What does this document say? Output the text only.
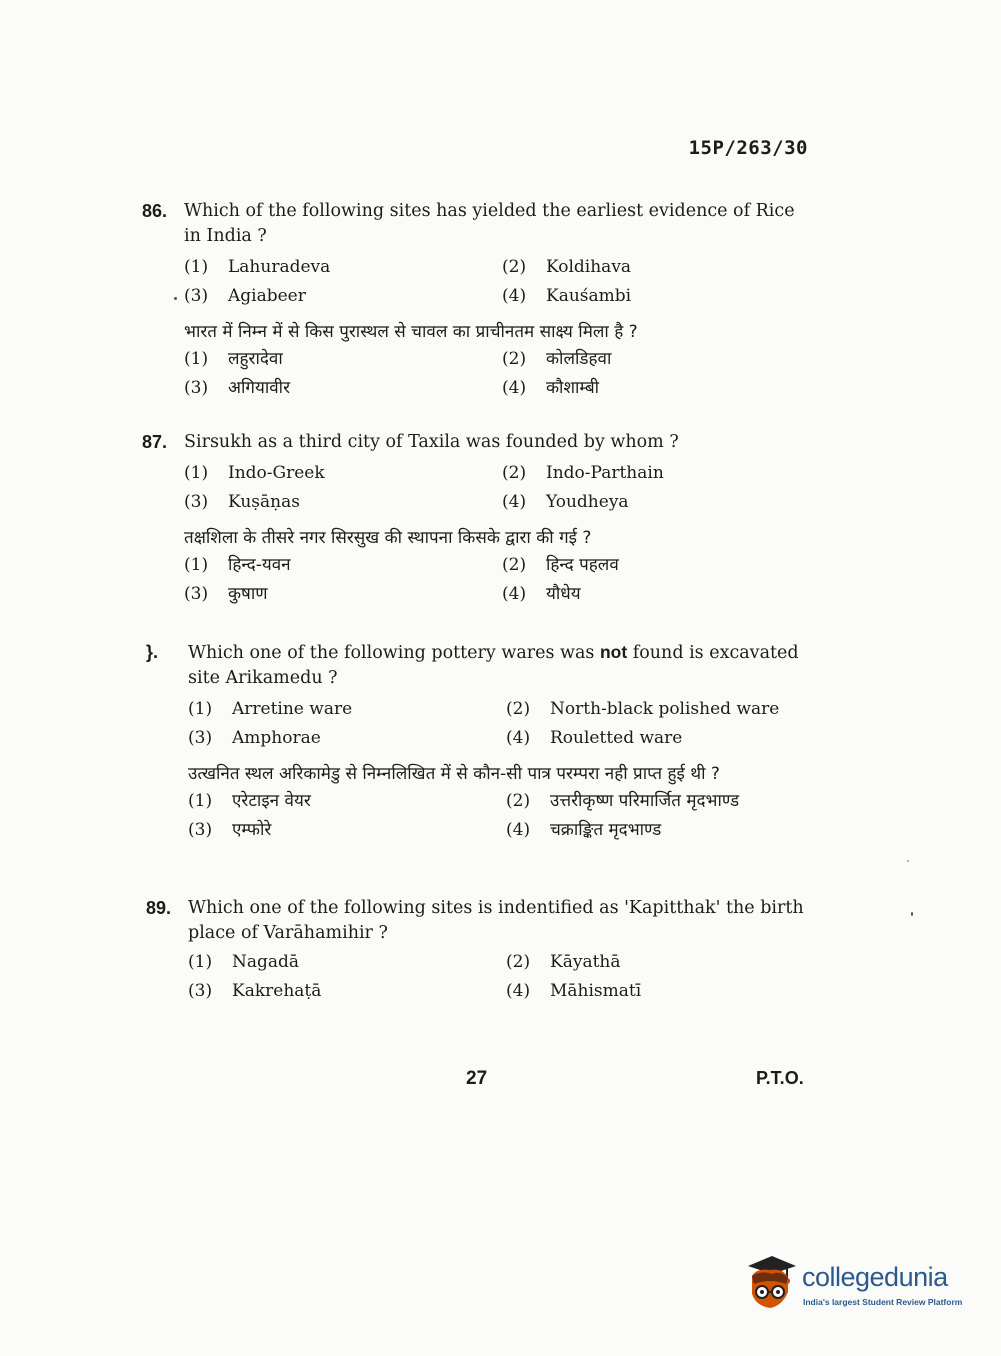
15P/263/30
86. Which of the following sites has yielded the earliest evidence of Rice in India ?
(1)	Lahuradeva	(2)	Koldihava
(3)	Agiabeer	(4)	Kauśambi
भारत में निम्न में से किस पुरास्थल से चावल का प्राचीनतम साक्ष्य मिला है ?
(1)	लहुरादेवा	(2)	कोलडिहवा
(3)	अगियावीर	(4)	कौशाम्बी
87. Sirsukh as a third city of Taxila was founded by whom ?
(1)	Indo-Greek	(2)	Indo-Parthain
(3)	Kuṣāṇas	(4)	Youdheya
तक्षशिला के तीसरे नगर सिरसुख की स्थापना किसके द्वारा की गई ?
(1)	हिन्द-यवन	(2)	हिन्द पहलव
(3)	कुषाण	(4)	यौधेय
}.	Which one of the following pottery wares was not found is excavated site Arikamedu ?
(1)	Arretine ware	(2)	North-black polished ware
(3)	Amphorae	(4)	Rouletted ware
उत्खनित स्थल अरिकामेडु से निम्नलिखित में से कौन-सी पात्र परम्परा नही प्राप्त हुई थी ?
(1)	एरेटाइन वेयर	(2)	उत्तरीकृष्ण परिमार्जित मृदभाण्ड
(3)	एम्फोरे	(4)	चक्राङ्कित मृदभाण्ड
89. Which one of the following sites is indentified as 'Kapitthak' the birth place of Varāhamihir ?
(1)	Nagadā	(2)	Kāyathā
(3)	Kakrehaṭā	(4)	Māhismatī
27	P.T.O.
collegedunia
India's largest Student Review Platform
